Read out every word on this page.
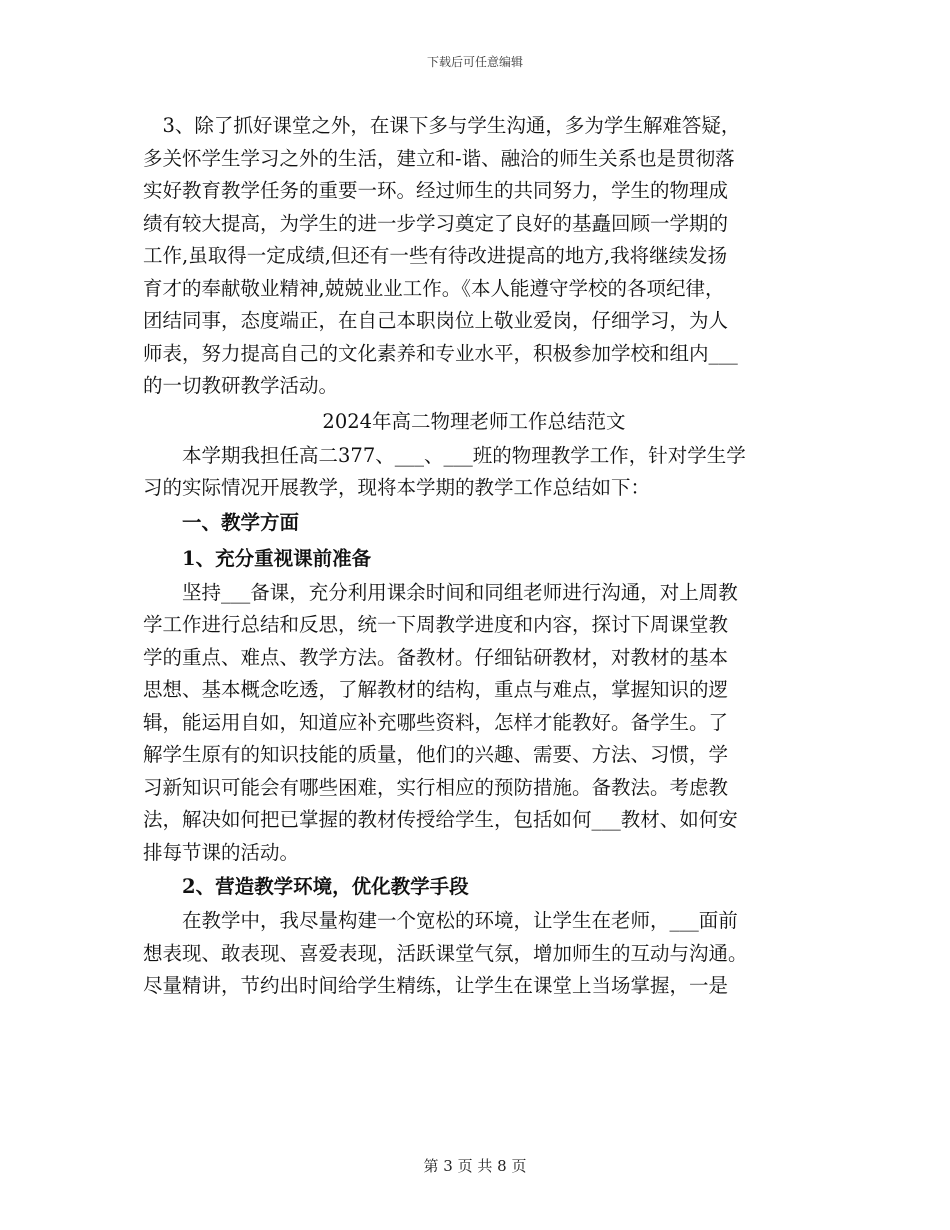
下载后可任意编辑
　3、除了抓好课堂之外，在课下多与学生沟通，多为学生解难答疑，
多关怀学生学习之外的生活，建立和-谐、融洽的师生关系也是贯彻落
实好教育教学任务的重要一环。经过师生的共同努力，学生的物理成
绩有较大提高，为学生的进一步学习奠定了良好的基矗回顾一学期的
工作,虽取得一定成绩,但还有一些有待改进提高的地方,我将继续发扬
育才的奉献敬业精神,兢兢业业工作。《本人能遵守学校的各项纪律，
团结同事，态度端正，在自己本职岗位上敬业爱岗，仔细学习，为人
师表，努力提高自己的文化素养和专业水平，积极参加学校和组内___
的一切教研教学活动。
2024年高二物理老师工作总结范文
　　本学期我担任高二377、___、___班的物理教学工作，针对学生学
习的实际情况开展教学，现将本学期的教学工作总结如下：
　　一、教学方面
　　1、充分重视课前准备
　　坚持___备课，充分利用课余时间和同组老师进行沟通，对上周教
学工作进行总结和反思，统一下周教学进度和内容，探讨下周课堂教
学的重点、难点、教学方法。备教材。仔细钻研教材，对教材的基本
思想、基本概念吃透，了解教材的结构，重点与难点，掌握知识的逻
辑，能运用自如，知道应补充哪些资料，怎样才能教好。备学生。了
解学生原有的知识技能的质量，他们的兴趣、需要、方法、习惯，学
习新知识可能会有哪些困难，实行相应的预防措施。备教法。考虑教
法，解决如何把已掌握的教材传授给学生，包括如何___教材、如何安
排每节课的活动。
　　2、营造教学环境，优化教学手段
　　在教学中，我尽量构建一个宽松的环境，让学生在老师，___面前
想表现、敢表现、喜爱表现，活跃课堂气氛，增加师生的互动与沟通。
尽量精讲，节约出时间给学生精练，让学生在课堂上当场掌握，一是
第 3 页 共 8 页
